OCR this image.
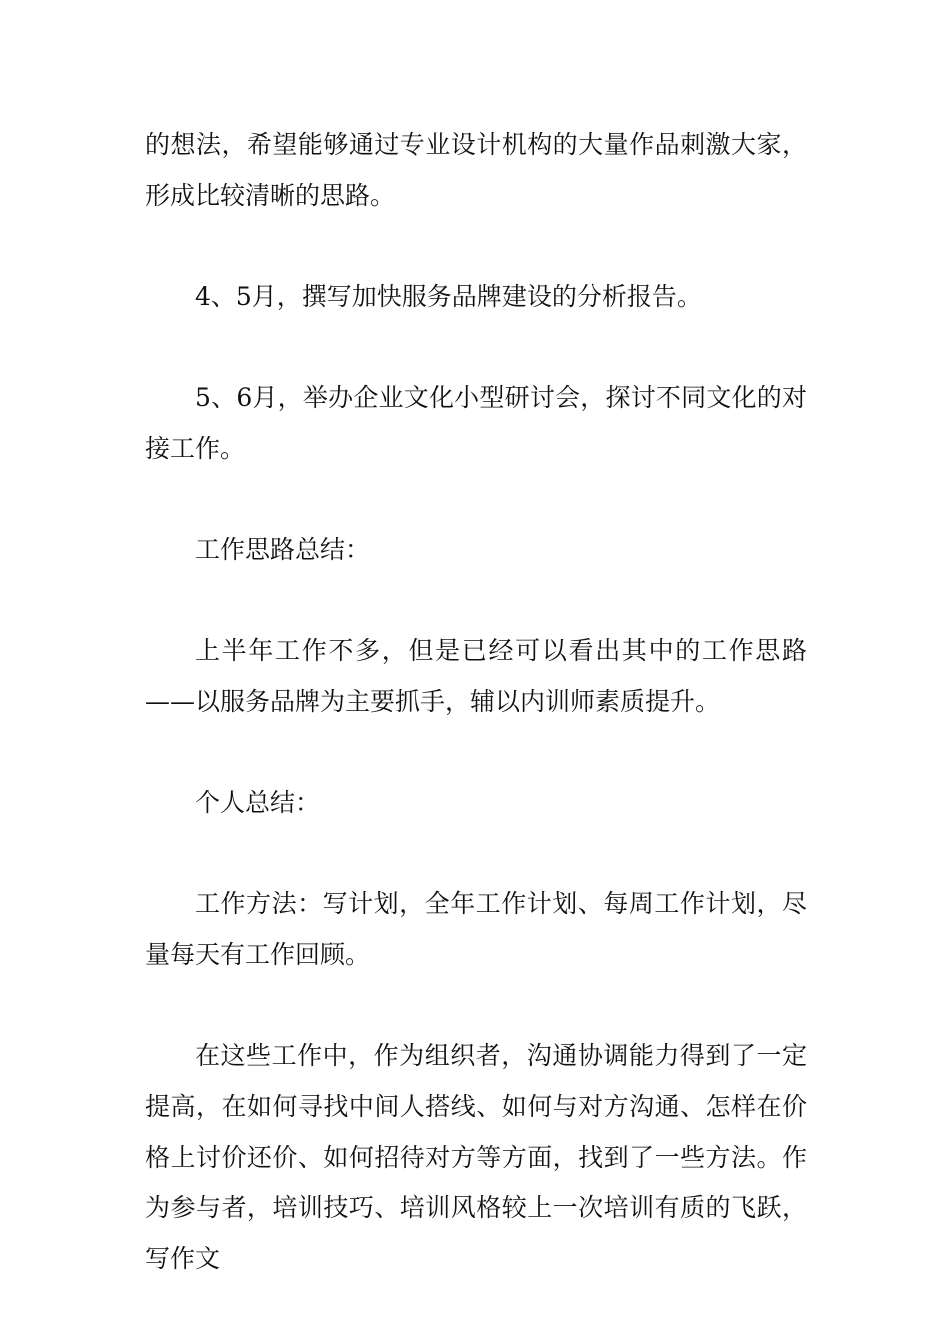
的想法，希望能够通过专业设计机构的大量作品刺激大家，形成比较清晰的思路。

4、5月，撰写加快服务品牌建设的分析报告。

5、6月，举办企业文化小型研讨会，探讨不同文化的对接工作。

工作思路总结：

上半年工作不多，但是已经可以看出其中的工作思路——以服务品牌为主要抓手，辅以内训师素质提升。

个人总结：

工作方法：写计划，全年工作计划、每周工作计划，尽量每天有工作回顾。

在这些工作中，作为组织者，沟通协调能力得到了一定提高，在如何寻找中间人搭线、如何与对方沟通、怎样在价格上讨价还价、如何招待对方等方面，找到了一些方法。作为参与者，培训技巧、培训风格较上一次培训有质的飞跃，写作文
